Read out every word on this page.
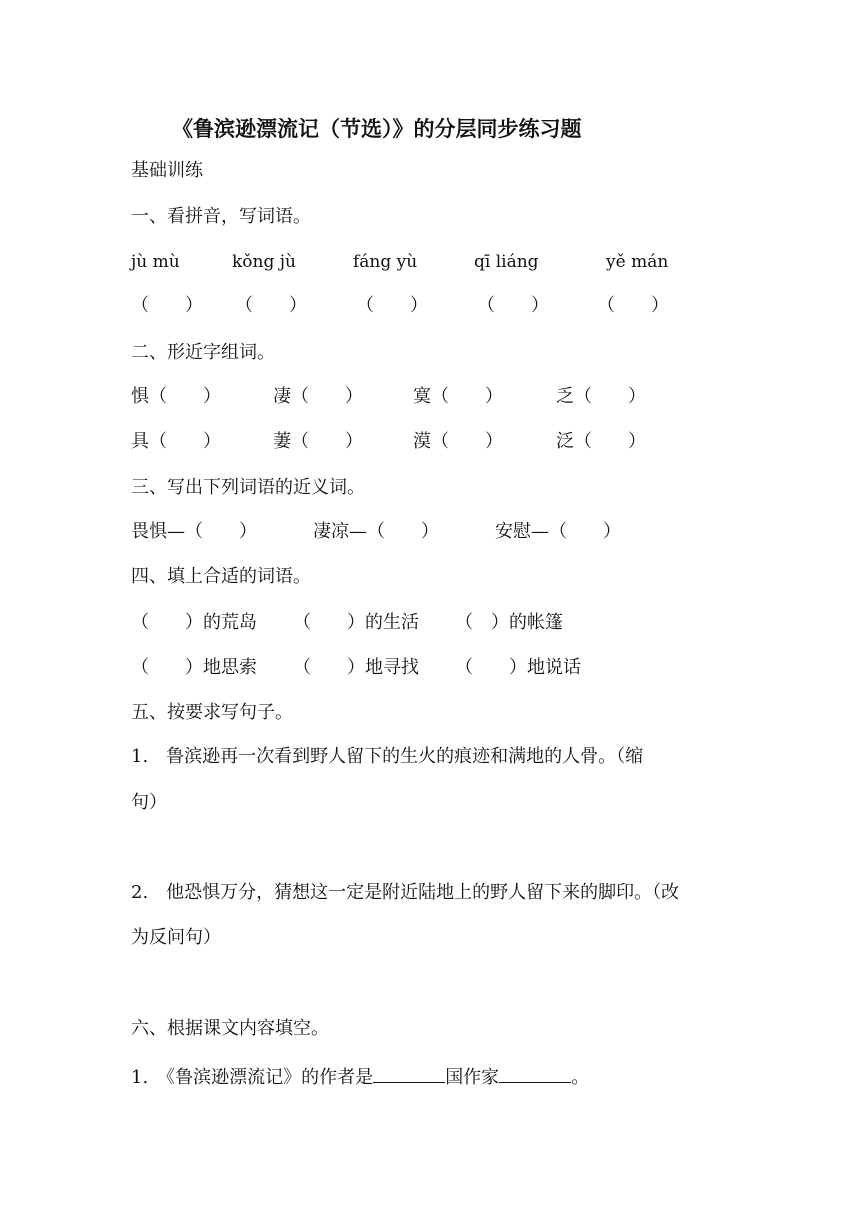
《鲁滨逊漂流记（节选）》的分层同步练习题
基础训练
一、看拼音，写词语。
jù mù	kǒng jù	fáng yù	qī liáng	yě mán
（　　） （　　）	（　　）	（　　）	（　　）
二、形近字组词。
惧（　　）	凄（　　）	寞（　　）	乏（　　）
具（　　）	萋（　　）	漠（　　）	泛（　　）
三、写出下列词语的近义词。
畏惧—（　　）	凄凉—（　　）	安慰—（　　）
四、填上合适的词语。
（　　）的荒岛 （　　）的生活 （　）的帐篷
（　　）地思索 （　　）地寻找 （　　）地说话
五、按要求写句子。
1.　鲁滨逊再一次看到野人留下的生火的痕迹和满地的人骨。（缩
句）
2.　他恐惧万分，猜想这一定是附近陆地上的野人留下来的脚印。（改
为反问句）
六、根据课文内容填空。
1.　《鲁滨逊漂流记》的作者是	国作家	。
